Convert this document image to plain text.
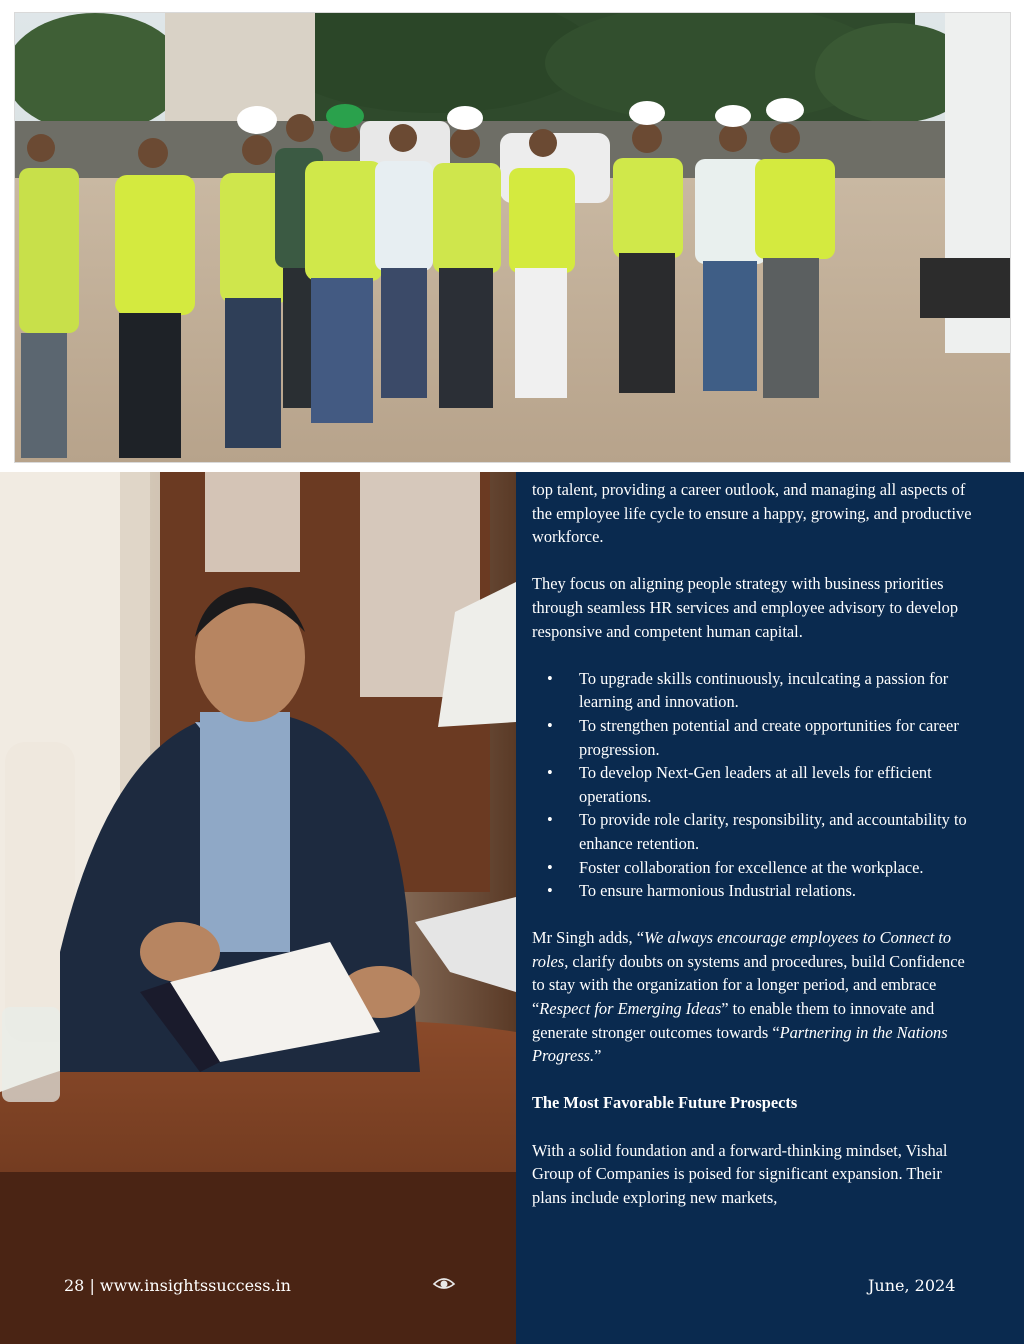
top talent, providing a career outlook, and managing all aspects of the employee life cycle to ensure a happy, growing, and productive workforce.

They focus on aligning people strategy with business priorities through seamless HR services and employee advisory to develop responsive and competent human capital.

• To upgrade skills continuously, inculcating a passion for learning and innovation.
• To strengthen potential and create opportunities for career progression.
• To develop Next-Gen leaders at all levels for efficient operations.
• To provide role clarity, responsibility, and accountability to enhance retention.
• Foster collaboration for excellence at the workplace.
• To ensure harmonious Industrial relations.

Mr Singh adds, “We always encourage employees to Connect to roles, clarify doubts on systems and procedures, build Confidence to stay with the organization for a longer period, and embrace “Respect for Emerging Ideas” to enable them to innovate and generate stronger outcomes towards “Partnering in the Nations Progress.”

The Most Favorable Future Prospects

With a solid foundation and a forward-thinking mindset, Vishal Group of Companies is poised for significant expansion. Their plans include exploring new markets,

28 | www.insightssuccess.in	June, 2024
